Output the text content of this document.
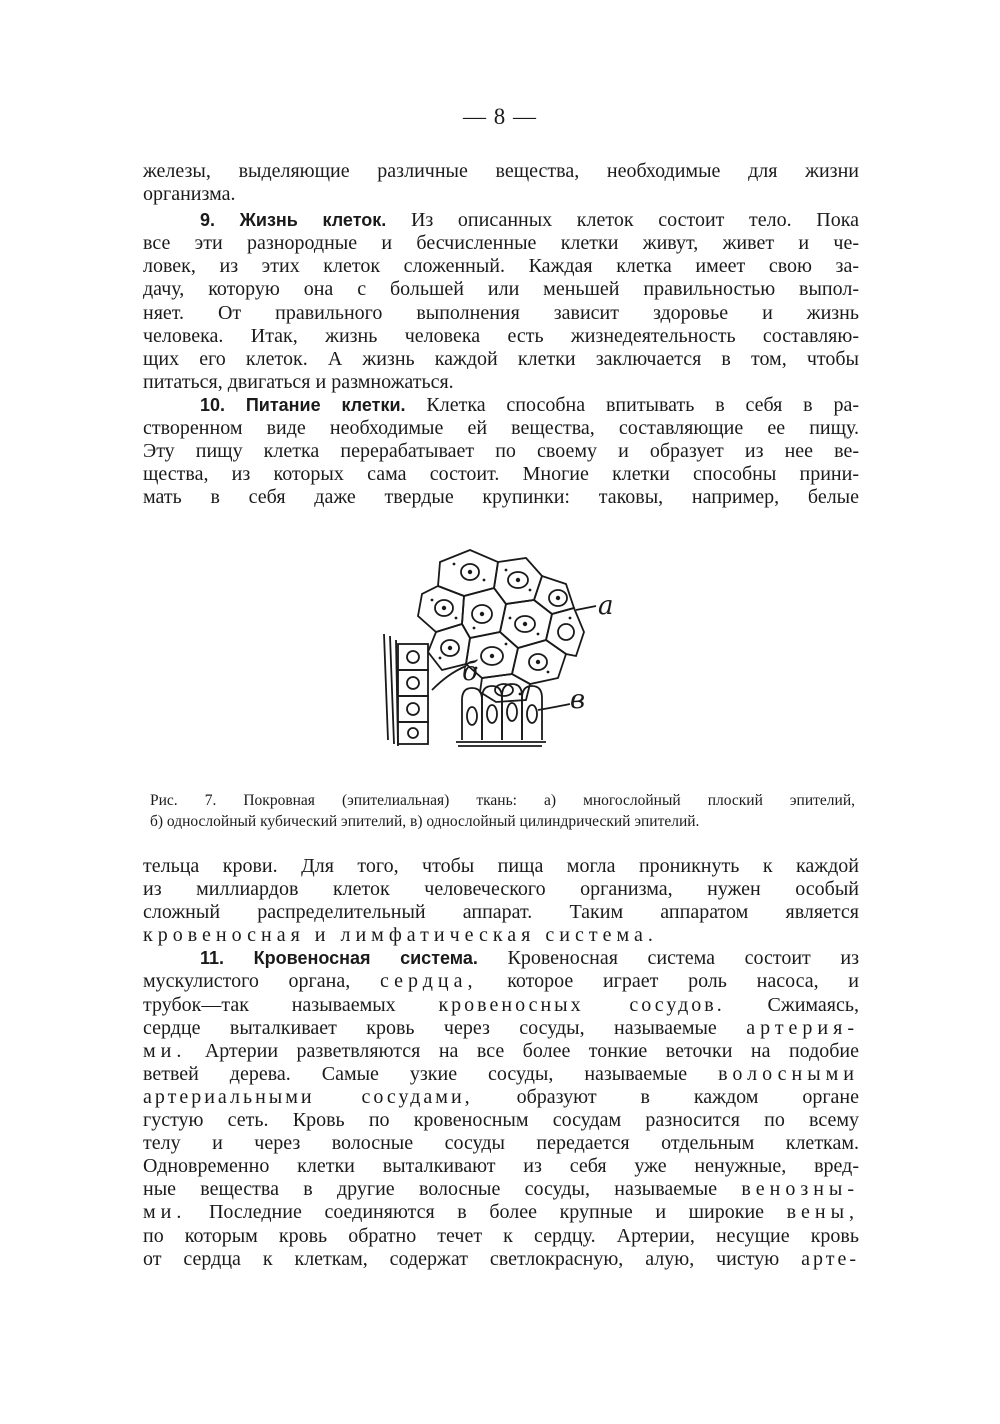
— 8 —
железы, выделяющие различные вещества, необходимые для жизни
организма.
9. Жизнь клеток. Из описанных клеток состоит тело. Пока
все эти разнородные и бесчисленные клетки живут, живет и че-
ловек, из этих клеток сложенный. Каждая клетка имеет свою за-
дачу, которую она с большей или меньшей правильностью выпол-
няет. От правильного выполнения зависит здоровье и жизнь
человека. Итак, жизнь человека есть жизнедеятельность составляю-
щих его клеток. А жизнь каждой клетки заключается в том, чтобы
питаться, двигаться и размножаться.
10. Питание клетки. Клетка способна впитывать в себя в ра-
створенном виде необходимые ей вещества, составляющие ее пищу.
Эту пищу клетка перерабатывает по своему и образует из нее ве-
щества, из которых сама состоит. Многие клетки способны прини-
мать в себя даже твердые крупинки: таковы, например, белые
а
б
в
Рис. 7. Покровная (эпителиальная) ткань: а) многослойный плоский эпителий,
б) однослойный кубический эпителий, в) однослойный цилиндрический эпителий.
тельца крови. Для того, чтобы пища могла проникнуть к каждой
из миллиардов клеток человеческого организма, нужен особый
сложный распределительный аппарат. Таким аппаратом является
кровеносная и лимфатическая система.
11. Кровеносная система. Кровеносная система состоит из
мускулистого органа, сердца, которое играет роль насоса, и
трубок—так называемых кровеносных сосудов. Сжимаясь,
сердце выталкивает кровь через сосуды, называемые артерия-
ми. Артерии разветвляются на все более тонкие веточки на подобие
ветвей дерева. Самые узкие сосуды, называемые волосными
артериальными сосудами, образуют в каждом органе
густую сеть. Кровь по кровеносным сосудам разносится по всему
телу и через волосные сосуды передается отдельным клеткам.
Одновременно клетки выталкивают из себя уже ненужные, вред-
ные вещества в другие волосные сосуды, называемые венозны-
ми. Последние соединяются в более крупные и широкие вены,
по которым кровь обратно течет к сердцу. Артерии, несущие кровь
от сердца к клеткам, содержат светлокрасную, алую, чистую арте-
